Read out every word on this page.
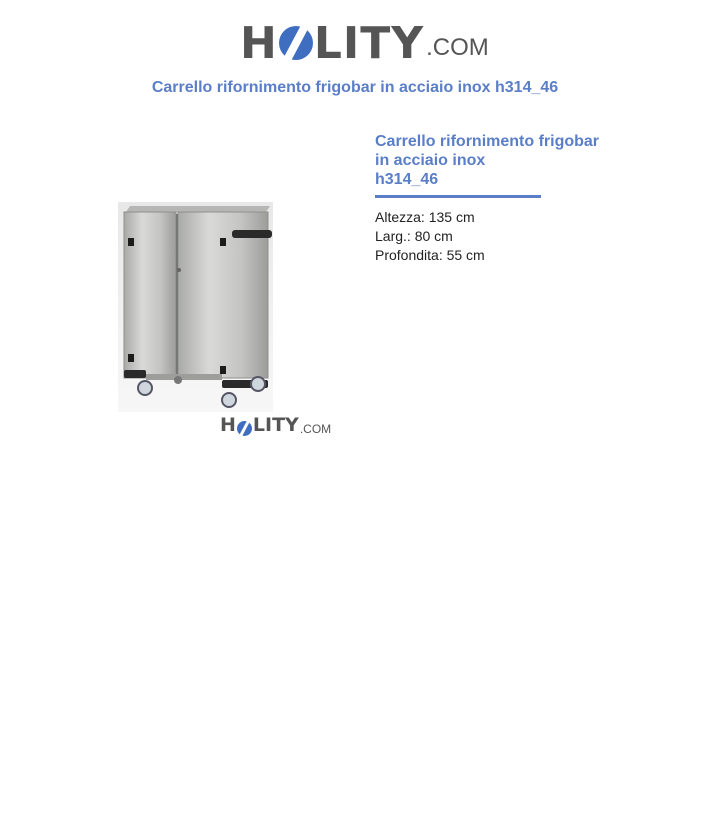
H LITY .COM
Carrello rifornimento frigobar in acciaio inox h314_46
H LITY .COM
Carrello rifornimento frigobar
in acciaio inox
h314_46
Altezza: 135 cm
Larg.: 80 cm
Profondita: 55 cm
